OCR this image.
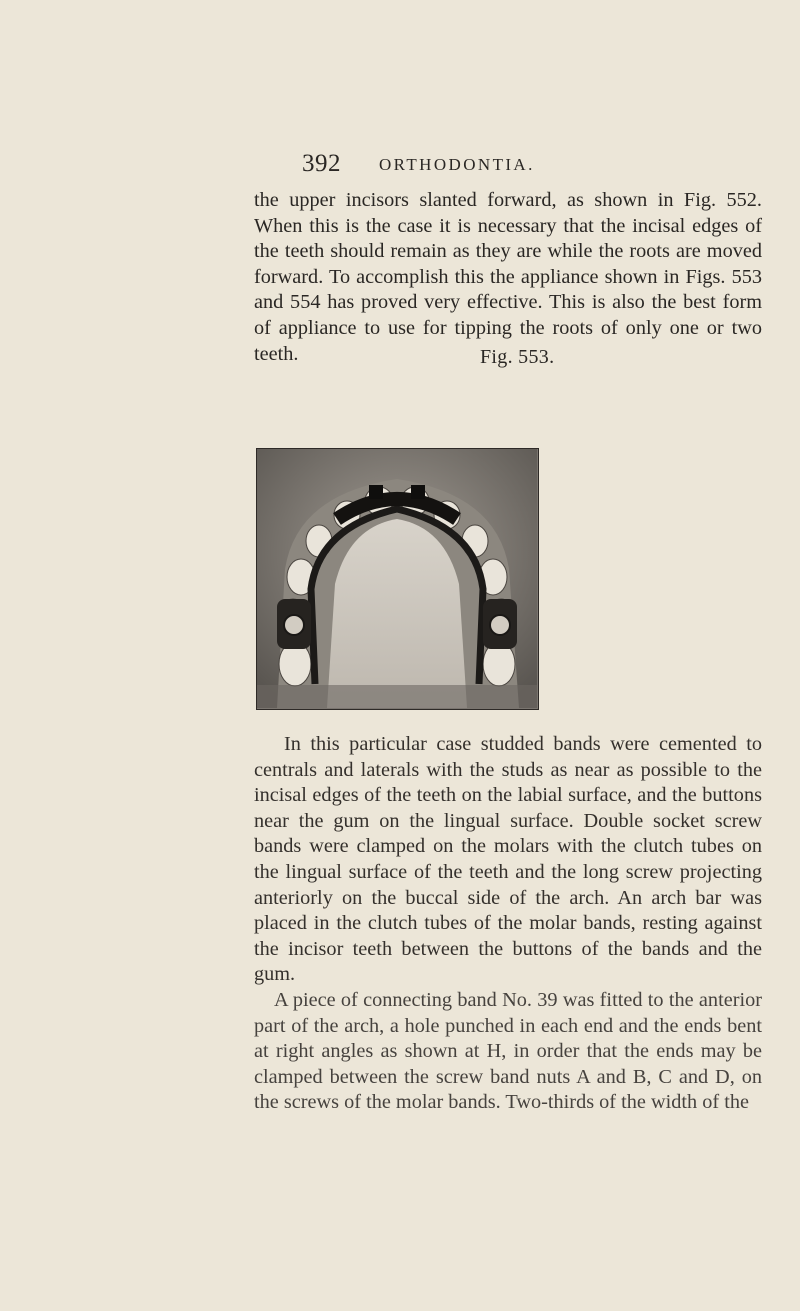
392 ORTHODONTIA.

the upper incisors slanted forward, as shown in Fig. 552. When this is the case it is necessary that the incisal edges of the teeth should remain as they are while the roots are moved forward. To accomplish this the appliance shown in Figs. 553 and 554 has proved very effective. This is also the best form of appliance to use for tipping the roots of only one or two teeth.	Fig. 553.

In this particular case studded bands were cemented to centrals and laterals with the studs as near as possible to the incisal edges of the teeth on the labial surface, and the buttons near the gum on the lingual surface. Double socket screw bands were clamped on the molars with the clutch tubes on the lingual surface of the teeth and the long screw projecting anteriorly on the buccal side of the arch. An arch bar was placed in the clutch tubes of the molar bands, resting against the incisor teeth between the buttons of the bands and the gum.

A piece of connecting band No. 39 was fitted to the anterior part of the arch, a hole punched in each end and the ends bent at right angles as shown at H, in order that the ends may be clamped between the screw band nuts A and B, C and D, on the screws of the molar bands. Two-thirds of the width of the
